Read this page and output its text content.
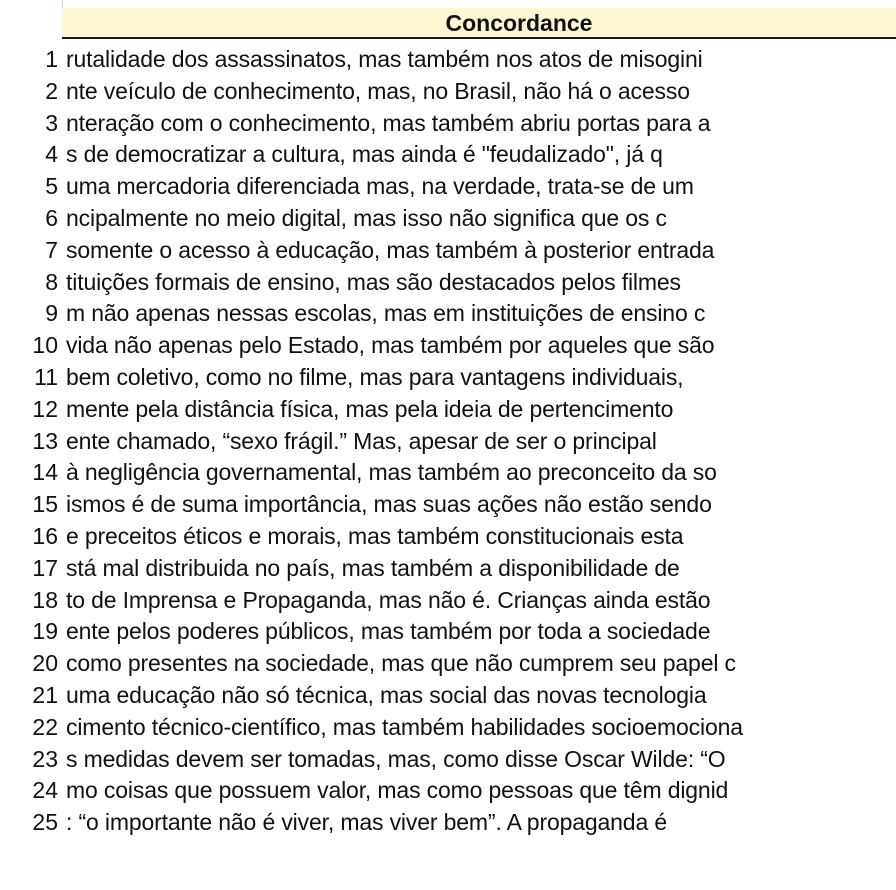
Concordance
1 rutalidade dos assassinatos, mas também nos atos de misogini
2 nte veículo de conhecimento, mas, no Brasil, não há o acesso
3 nteração com o conhecimento, mas também abriu portas para a
4 s de democratizar a cultura, mas ainda é "feudalizado", já q
5 uma mercadoria diferenciada mas, na verdade, trata-se de um
6 ncipalmente no meio digital, mas isso não significa que os c
7 somente o acesso à educação, mas também à posterior entrada
8 tituições formais de ensino, mas são destacados pelos filmes
9 m não apenas nessas escolas, mas em instituições de ensino c
10 vida não apenas pelo Estado, mas também por aqueles que são
11 bem coletivo, como no filme, mas para vantagens individuais,
12 mente pela distância física, mas pela ideia de pertencimento
13 ente chamado, “sexo frágil.” Mas, apesar de ser o principal
14 à negligência governamental, mas também ao preconceito da so
15 ismos é de suma importância, mas suas ações não estão sendo
16 e preceitos éticos e morais, mas também constitucionais esta
17 stá mal distribuida no país, mas também a disponibilidade de
18 to de Imprensa e Propaganda, mas não é. Crianças ainda estão
19 ente pelos poderes públicos, mas também por toda a sociedade
20 como presentes na sociedade, mas que não cumprem seu papel c
21 uma educação não só técnica, mas social das novas tecnologia
22 cimento técnico-científico, mas também habilidades socioemociona
23 s medidas devem ser tomadas, mas, como disse Oscar Wilde: “O
24 mo coisas que possuem valor, mas como pessoas que têm dignid
25 : “o importante não é viver, mas viver bem”. A propaganda é
